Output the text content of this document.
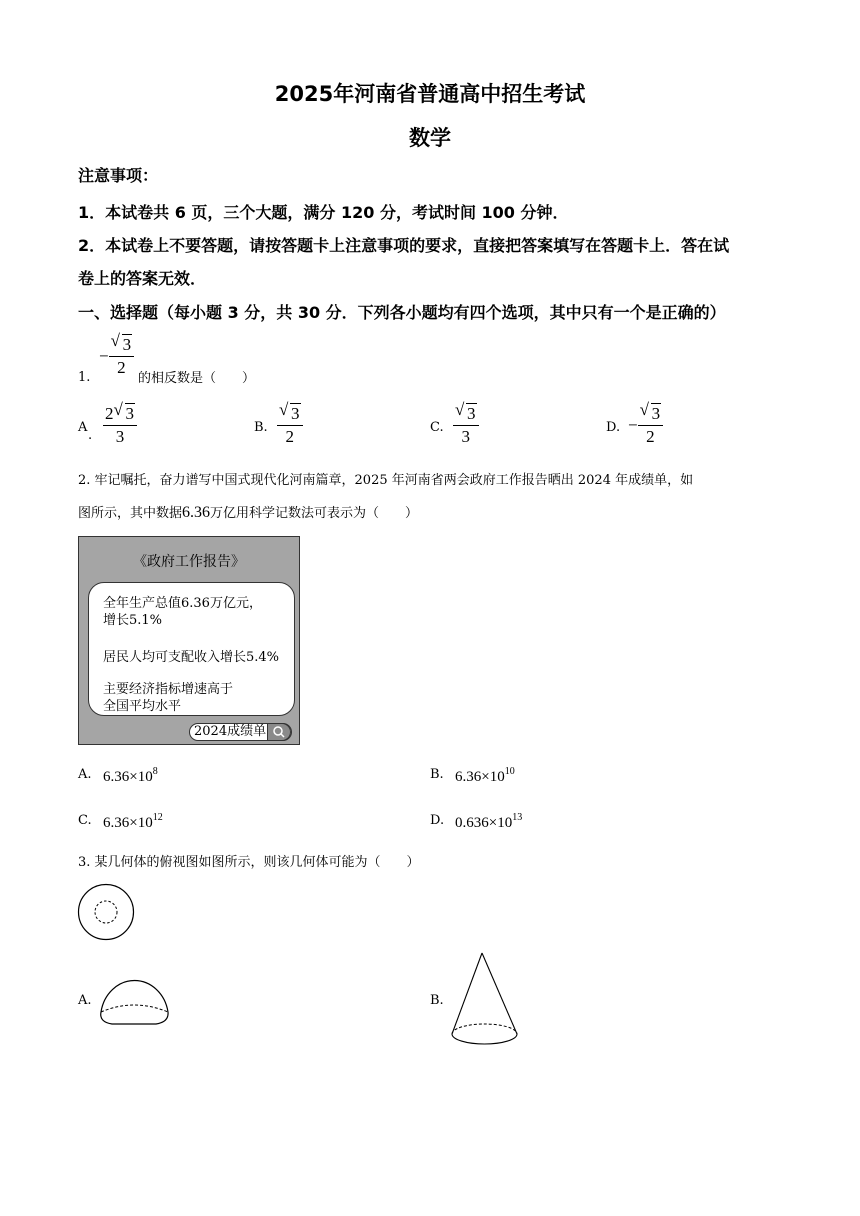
2025年河南省普通高中招生考试
数学
注意事项：
1．本试卷共 6 页，三个大题，满分 120 分，考试时间 100 分钟．
2．本试卷上不要答题，请按答题卡上注意事项的要求，直接把答案填写在答题卡上．答在试
卷上的答案无效．
一、选择题（每小题 3 分，共 30 分．下列各小题均有四个选项，其中只有一个是正确的）
− $\frac{√ 3}{2}$
1.	的相反数是（　　）
A
. $\frac{2 √ 3}{3}$	B. $\frac{√ 3}{2}$	C. $\frac{√ 3}{3}$	D. − $\frac{√ 3}{2}$
2. 牢记嘱托，奋力谱写中国式现代化河南篇章，2025 年河南省两会政府工作报告晒出 2024 年成绩单，如
图所示，其中数据6.36万亿用科学记数法可表示为（　　）
《政府工作报告》
全年生产总值6.36万亿元，
增长5.1%
居民人均可支配收入增长5.4%
主要经济指标增速高于
全国平均水平
2024成绩单
A. $6.36\times 10^8$	B. $6.36\times 10^{10}$
C. $6.36\times 10^{12}$	D. $0.636\times 10^{13}$
3. 某几何体的俯视图如图所示，则该几何体可能为（　　）
A.	B.
